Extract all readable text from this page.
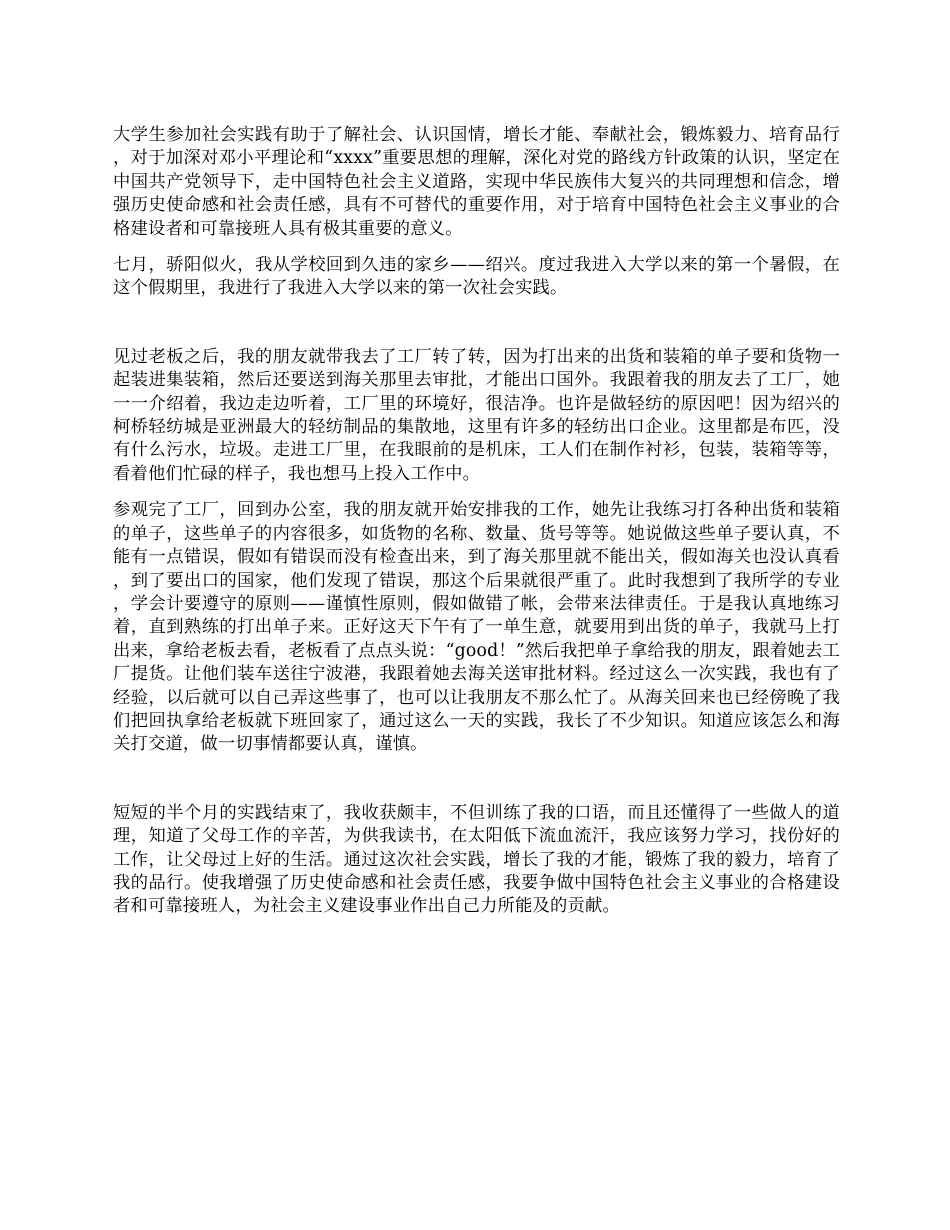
大学生参加社会实践有助于了解社会、认识国情，增长才能、奉献社会，锻炼毅力、培育品行，对于加深对邓小平理论和“xxxx”重要思想的理解，深化对党的路线方针政策的认识，坚定在中国共产党领导下，走中国特色社会主义道路，实现中华民族伟大复兴的共同理想和信念，增强历史使命感和社会责任感，具有不可替代的重要作用，对于培育中国特色社会主义事业的合格建设者和可靠接班人具有极其重要的意义。

七月，骄阳似火，我从学校回到久违的家乡——绍兴。度过我进入大学以来的第一个暑假，在这个假期里，我进行了我进入大学以来的第一次社会实践。

见过老板之后，我的朋友就带我去了工厂转了转，因为打出来的出货和装箱的单子要和货物一起装进集装箱，然后还要送到海关那里去审批，才能出口国外。我跟着我的朋友去了工厂，她一一介绍着，我边走边听着，工厂里的环境好，很洁净。也许是做轻纺的原因吧！因为绍兴的柯桥轻纺城是亚洲最大的轻纺制品的集散地，这里有许多的轻纺出口企业。这里都是布匹，没有什么污水，垃圾。走进工厂里，在我眼前的是机床，工人们在制作衬衫，包装，装箱等等，看着他们忙碌的样子，我也想马上投入工作中。

参观完了工厂，回到办公室，我的朋友就开始安排我的工作，她先让我练习打各种出货和装箱的单子，这些单子的内容很多，如货物的名称、数量、货号等等。她说做这些单子要认真，不能有一点错误，假如有错误而没有检查出来，到了海关那里就不能出关，假如海关也没认真看，到了要出口的国家，他们发现了错误，那这个后果就很严重了。此时我想到了我所学的专业，学会计要遵守的原则——谨慎性原则，假如做错了帐，会带来法律责任。于是我认真地练习着，直到熟练的打出单子来。正好这天下午有了一单生意，就要用到出货的单子，我就马上打出来，拿给老板去看，老板看了点点头说：“good！”然后我把单子拿给我的朋友，跟着她去工厂提货。让他们装车送往宁波港，我跟着她去海关送审批材料。经过这么一次实践，我也有了经验，以后就可以自己弄这些事了，也可以让我朋友不那么忙了。从海关回来也已经傍晚了我们把回执拿给老板就下班回家了，通过这么一天的实践，我长了不少知识。知道应该怎么和海关打交道，做一切事情都要认真，谨慎。

短短的半个月的实践结束了，我收获颇丰，不但训练了我的口语，而且还懂得了一些做人的道理，知道了父母工作的辛苦，为供我读书，在太阳低下流血流汗，我应该努力学习，找份好的工作，让父母过上好的生活。通过这次社会实践，增长了我的才能，锻炼了我的毅力，培育了我的品行。使我增强了历史使命感和社会责任感，我要争做中国特色社会主义事业的合格建设者和可靠接班人，为社会主义建设事业作出自己力所能及的贡献。
